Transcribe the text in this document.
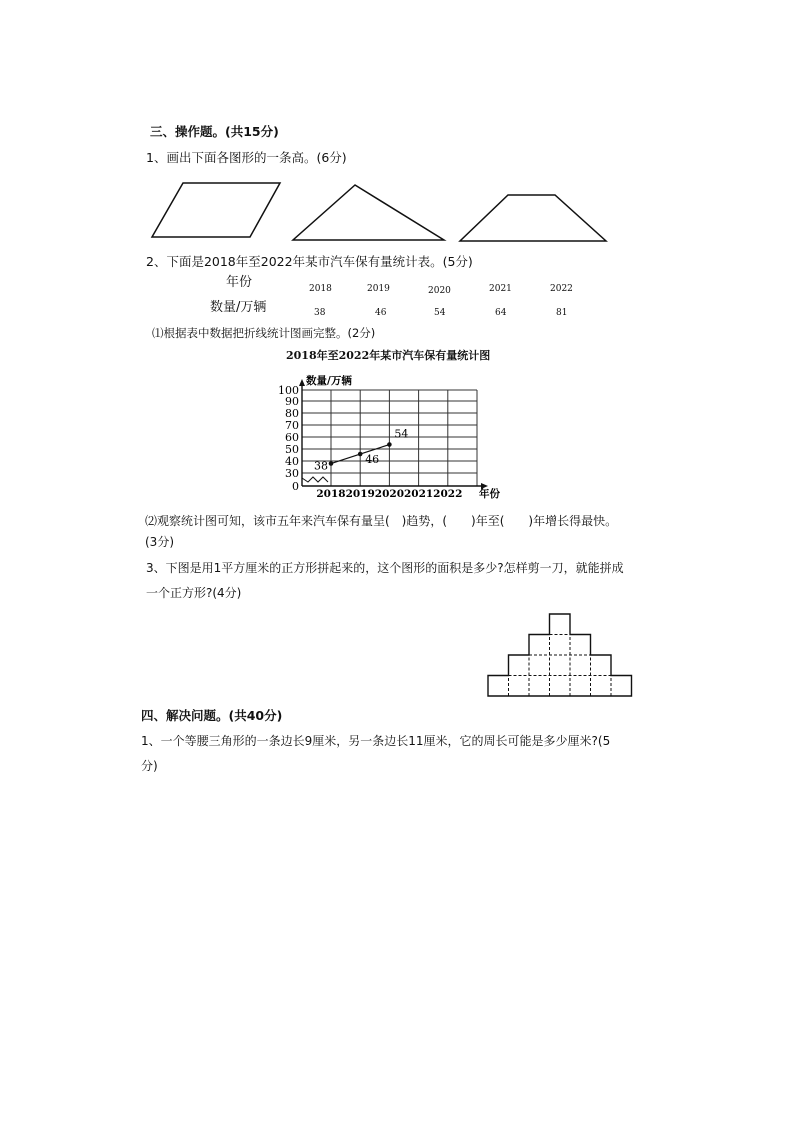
三、操作题。(共15分)
1、画出下面各图形的一条高。(6分)
2、下面是2018年至2022年某市汽车保有量统计表。(5分)
年份
数量/万辆
2018	2019	2020	2021	2022
38	46	54	64	81
⑴根据表中数据把折线统计图画完整。(2分)
2018年至2022年某市汽车保有量统计图
0
30
40
50
60
70
80
90
100
2018 2019 2020 2021 2022
数量/万辆
年份
38	46
54
⑵观察统计图可知，该市五年来汽车保有量呈(　)趋势，(　　)年至(　　)年增长得最快。
(3分)
3、下图是用1平方厘米的正方形拼起来的，这个图形的面积是多少?怎样剪一刀，就能拼成
一个正方形?(4分)
四、解决问题。(共40分)
1、一个等腰三角形的一条边长9厘米，另一条边长11厘米，它的周长可能是多少厘米?(5
分)
